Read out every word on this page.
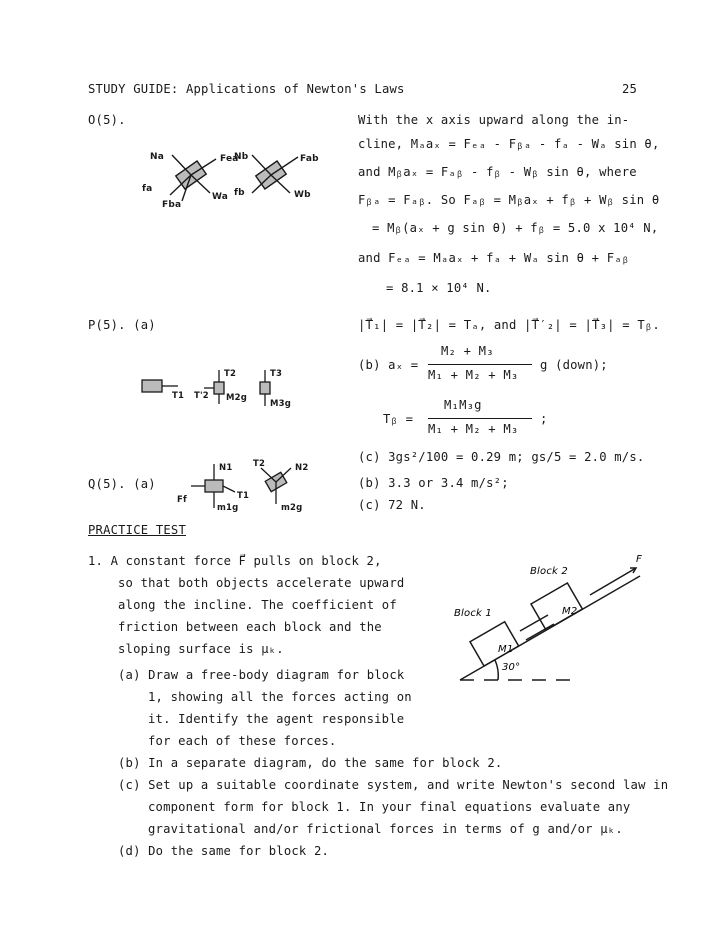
STUDY GUIDE: Applications of Newton's Laws	25
O(5).	With the x axis upward along the in-
cline, Mₐaₓ = Fₑₐ - Fᵦₐ - fₐ - Wₐ sin θ,
and Mᵦaₓ = Fₐᵦ - fᵦ - Wᵦ sin θ, where
Fᵦₐ = Fₐᵦ. So Fₐᵦ = Mᵦaₓ + fᵦ + Wᵦ sin θ
= Mᵦ(aₓ + g sin θ) + fᵦ = 5.0 x 10⁴ N,
and Fₑₐ = Mₐaₓ + fₐ + Wₐ sin θ + Fₐᵦ
= 8.1 × 10⁴ N.
Na	Fea
fa
Fba
Wa
Nb	Fab
fb	Wb
P(5). (a)	|T⃗₁| = |T⃗₂| = Tₐ, and |T⃗′₂| = |T⃗₃| = Tᵦ.
(b) aₓ =
M₂ + M₃
M₁ + M₂ + M₃
g (down);
Tᵦ =
M₁M₃g
M₁ + M₂ + M₃
;
(c) 3gs²/100 = 0.29 m; gs/5 = 2.0 m/s.
T1
T2
T'2 M2g
T3
M3g
Q(5). (a)	(b) 3.3 or 3.4 m/s²;
(c) 72 N.
N1
Ff
m1g
T2
T1
N2
m2g
PRACTICE TEST
1. A constant force F⃗ pulls on block 2,
so that both objects accelerate upward
along the incline. The coefficient of
friction between each block and the
sloping surface is μₖ.
(a) Draw a free-body diagram for block
1, showing all the forces acting on
it. Identify the agent responsible
for each of these forces.
(b) In a separate diagram, do the same for block 2.
(c) Set up a suitable coordinate system, and write Newton's second law in
component form for block 1. In your final equations evaluate any
gravitational and/or frictional forces in terms of g and/or μₖ.
(d) Do the same for block 2.
Block 1
Block 2
M1
M2
30°
F
